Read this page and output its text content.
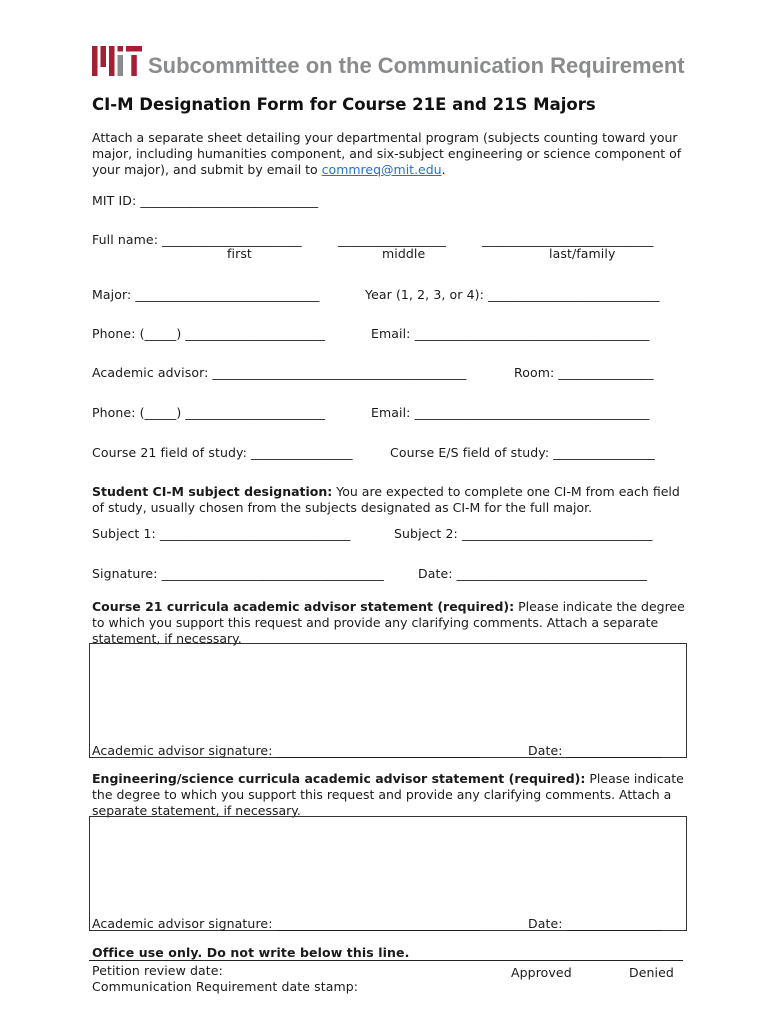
Subcommittee on the Communication Requirement
CI-M Designation Form for Course 21E and 21S Majors
Attach a separate sheet detailing your departmental program (subjects counting toward your major, including humanities component, and six-subject engineering or science component of your major), and submit by email to commreq@mit.edu.
MIT ID: ____________________________
Full name: ______________________	_________________	___________________________
first	middle	last/family
Major: _____________________________	Year (1, 2, 3, or 4): ___________________________
Phone: (_____) ______________________	Email: _____________________________________
Academic advisor: ________________________________________	Room: _______________
Phone: (_____) ______________________	Email: _____________________________________
Course 21 field of study: ________________	Course E/S field of study: ________________
Student CI-M subject designation: You are expected to complete one CI-M from each field of study, usually chosen from the subjects designated as CI-M for the full major.
Subject 1: ______________________________	Subject 2: ______________________________
Signature: ___________________________________	Date: ______________________________
Course 21 curricula academic advisor statement (required): Please indicate the degree to which you support this request and provide any clarifying comments. Attach a separate statement, if necessary.
Academic advisor signature: ________________________________	Date: _______________
Engineering/science curricula academic advisor statement (required): Please indicate the degree to which you support this request and provide any clarifying comments. Attach a separate statement, if necessary.
Academic advisor signature: ________________________________	Date: _______________
Office use only. Do not write below this line.
Petition review date:
Communication Requirement date stamp:
Approved	Denied
